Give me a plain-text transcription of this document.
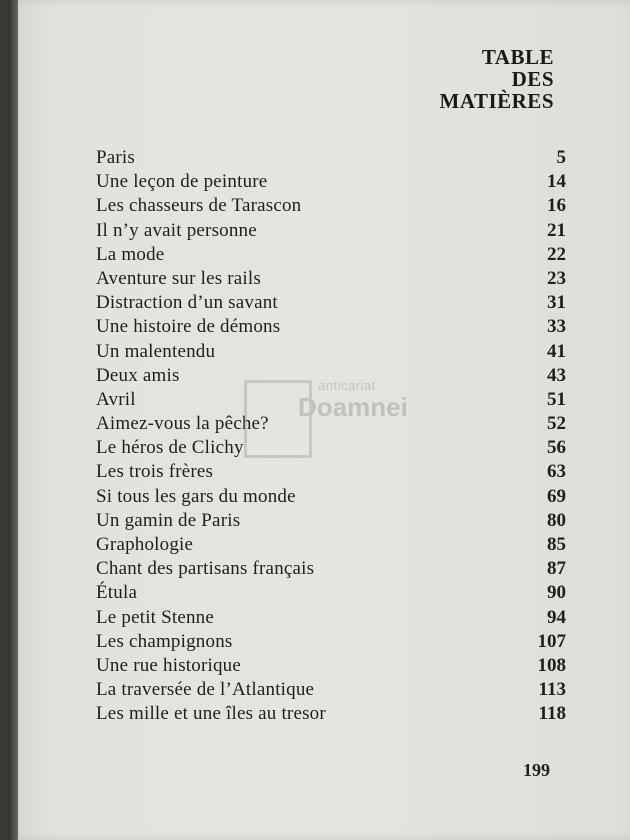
TABLE
DES
MATIÈRES
Paris	5
Une leçon de peinture	14
Les chasseurs de Tarascon	16
Il n’y avait personne	21
La mode	22
Aventure sur les rails	23
Distraction d’un savant	31
Une histoire de démons	33
Un malentendu	41
Deux amis	43
Avril	51
Aimez-vous la pêche?	52
Le héros de Clichy	56
Les trois frères	63
Si tous les gars du monde	69
Un gamin de Paris	80
Graphologie	85
Chant des partisans français	87
Étula	90
Le petit Stenne	94
Les champignons	107
Une rue historique	108
La traversée de l’Atlantique	113
Les mille et une îles au tresor	118
anticariat
Doamnei
199
